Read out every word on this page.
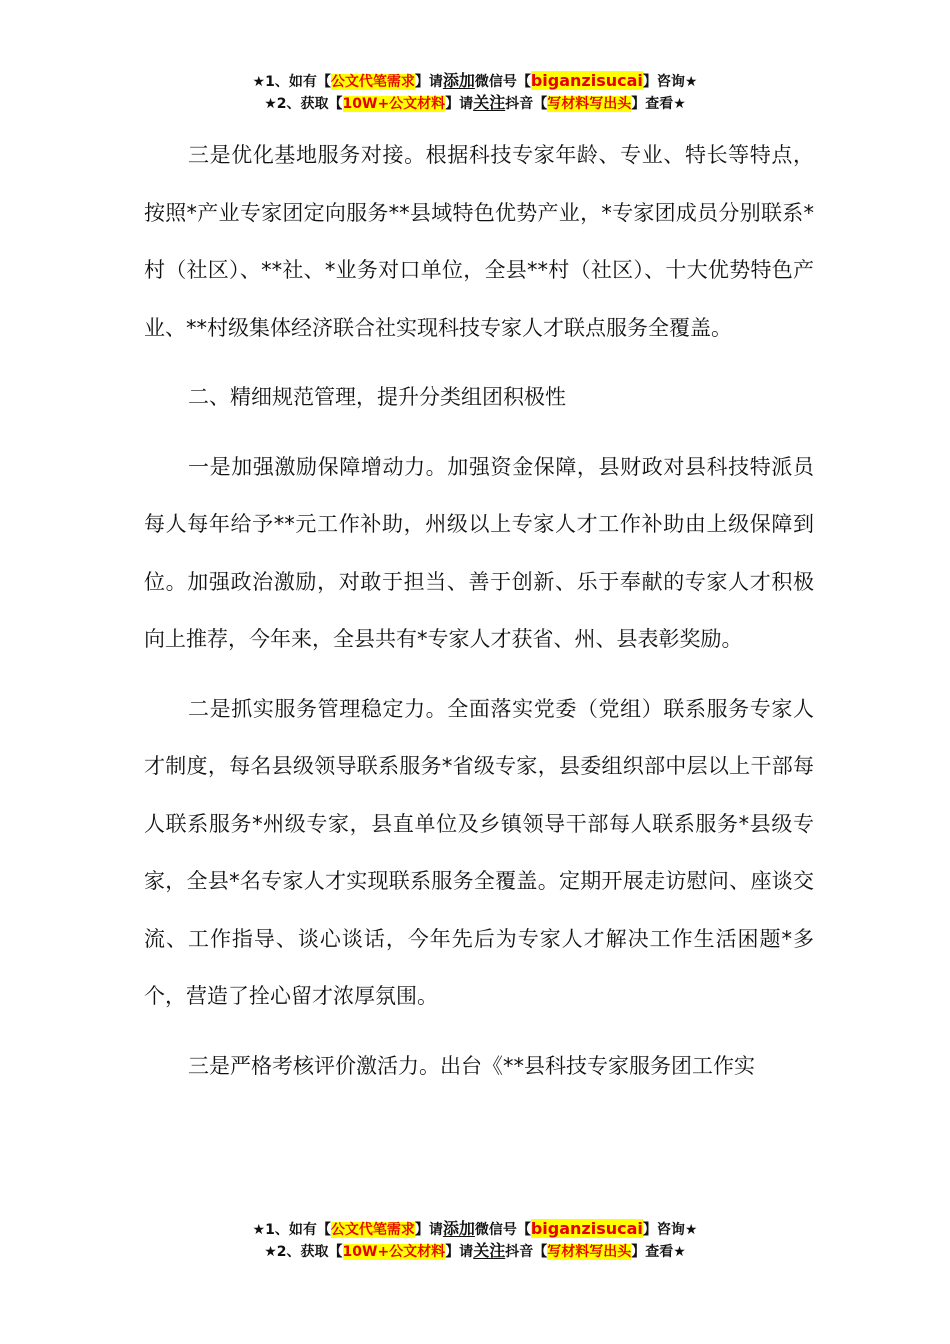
★1、如有【公文代笔需求】请添加微信号【biganzisucai】咨询★
★2、获取【10W+公文材料】请关注抖音【写材料写出头】查看★

三是优化基地服务对接。根据科技专家年龄、专业、特长等特点，按照*产业专家团定向服务**县域特色优势产业，*专家团成员分别联系*村（社区）、**社、*业务对口单位，全县**村（社区）、十大优势特色产业、**村级集体经济联合社实现科技专家人才联点服务全覆盖。

二、精细规范管理，提升分类组团积极性

一是加强激励保障增动力。加强资金保障，县财政对县科技特派员每人每年给予**元工作补助，州级以上专家人才工作补助由上级保障到位。加强政治激励，对敢于担当、善于创新、乐于奉献的专家人才积极向上推荐，今年来，全县共有*专家人才获省、州、县表彰奖励。

二是抓实服务管理稳定力。全面落实党委（党组）联系服务专家人才制度，每名县级领导联系服务*省级专家，县委组织部中层以上干部每人联系服务*州级专家，县直单位及乡镇领导干部每人联系服务*县级专家，全县*名专家人才实现联系服务全覆盖。定期开展走访慰问、座谈交流、工作指导、谈心谈话，今年先后为专家人才解决工作生活困题*多个，营造了拴心留才浓厚氛围。

三是严格考核评价激活力。出台《**县科技专家服务团工作实

★1、如有【公文代笔需求】请添加微信号【biganzisucai】咨询★
★2、获取【10W+公文材料】请关注抖音【写材料写出头】查看★
